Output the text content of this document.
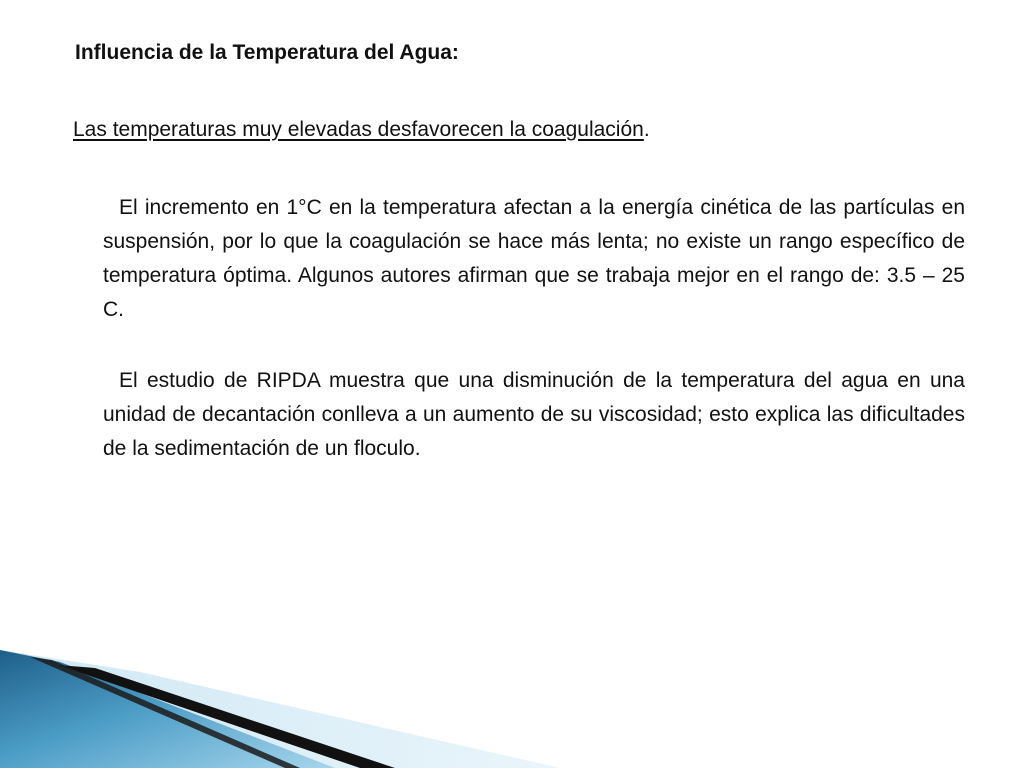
Influencia de la Temperatura del Agua:

Las temperaturas muy elevadas desfavorecen la coagulación.

El incremento en 1°C en la temperatura afectan a la energía cinética de las partículas en suspensión, por lo que la coagulación se hace más lenta; no existe un rango específico de temperatura óptima. Algunos autores afirman que se trabaja mejor en el rango de: 3.5 – 25 C.

El estudio de RIPDA muestra que una disminución de la temperatura del agua en una unidad de decantación conlleva a un aumento de su viscosidad; esto explica las dificultades de la sedimentación de un floculo.
